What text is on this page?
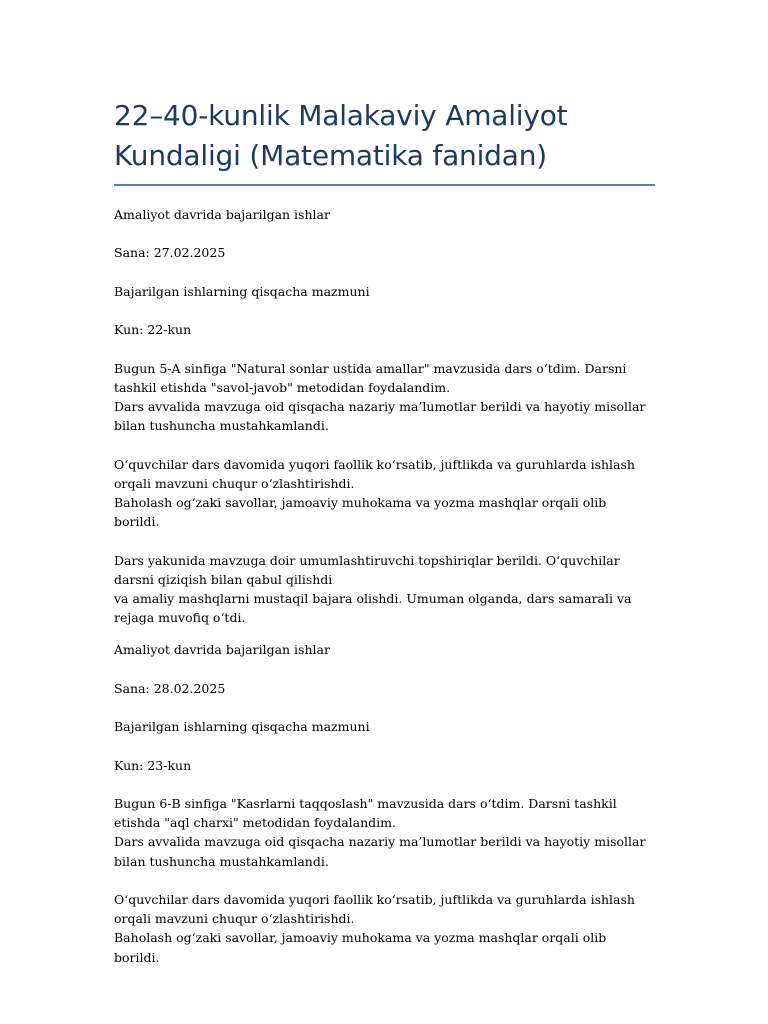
22–40-kunlik Malakaviy Amaliyot Kundaligi (Matematika fanidan)

Amaliyot davrida bajarilgan ishlar

Sana: 27.02.2025

Bajarilgan ishlarning qisqacha mazmuni

Kun: 22-kun

Bugun 5-A sinfiga "Natural sonlar ustida amallar" mavzusida dars o‘tdim. Darsni tashkil etishda "savol-javob" metodidan foydalandim.
Dars avvalida mavzuga oid qisqacha nazariy ma’lumotlar berildi va hayotiy misollar bilan tushuncha mustahkamlandi.

O‘quvchilar dars davomida yuqori faollik ko‘rsatib, juftlikda va guruhlarda ishlash orqali mavzuni chuqur o‘zlashtirishdi.
Baholash og‘zaki savollar, jamoaviy muhokama va yozma mashqlar orqali olib borildi.

Dars yakunida mavzuga doir umumlashtiruvchi topshiriqlar berildi. O‘quvchilar darsni qiziqish bilan qabul qilishdi
va amaliy mashqlarni mustaqil bajara olishdi. Umuman olganda, dars samarali va rejaga muvofiq o‘tdi.

Amaliyot davrida bajarilgan ishlar

Sana: 28.02.2025

Bajarilgan ishlarning qisqacha mazmuni

Kun: 23-kun

Bugun 6-B sinfiga "Kasrlarni taqqoslash" mavzusida dars o‘tdim. Darsni tashkil etishda "aql charxi" metodidan foydalandim.
Dars avvalida mavzuga oid qisqacha nazariy ma’lumotlar berildi va hayotiy misollar bilan tushuncha mustahkamlandi.

O‘quvchilar dars davomida yuqori faollik ko‘rsatib, juftlikda va guruhlarda ishlash orqali mavzuni chuqur o‘zlashtirishdi.
Baholash og‘zaki savollar, jamoaviy muhokama va yozma mashqlar orqali olib borildi.
